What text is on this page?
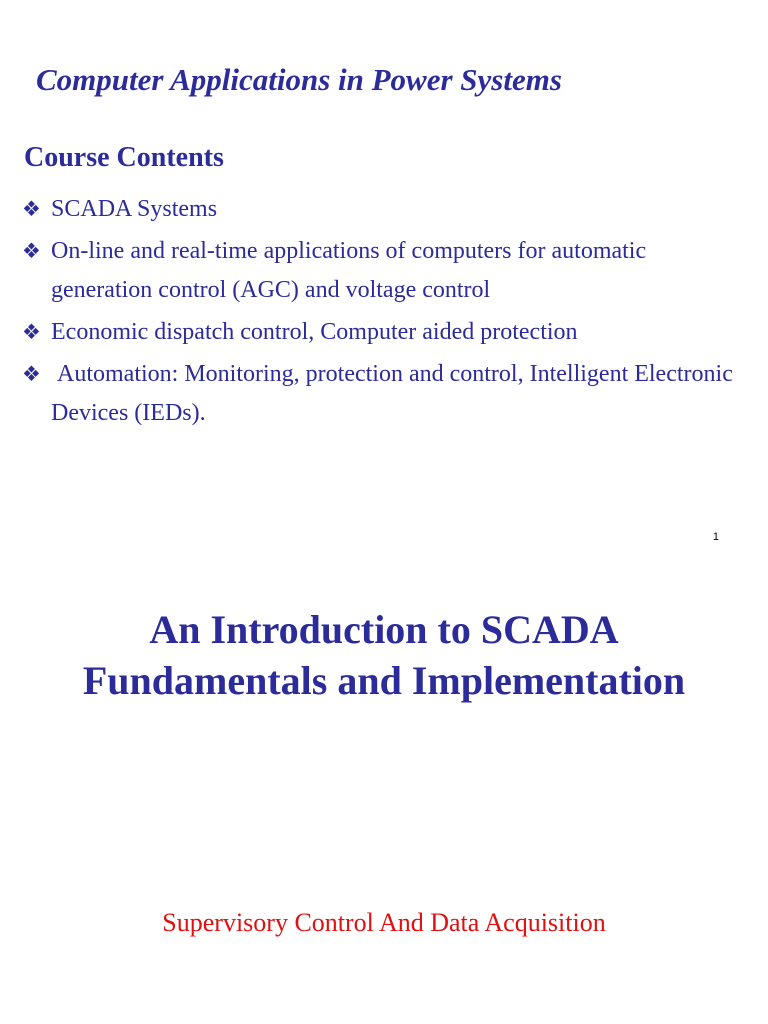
Computer Applications in Power Systems
Course Contents
❖ SCADA Systems
❖ On-line and real-time applications of computers for automatic generation control (AGC) and voltage control
❖ Economic dispatch control, Computer aided protection
❖ Automation: Monitoring, protection and control, Intelligent Electronic Devices (IEDs).
1
An Introduction to SCADA
Fundamentals and Implementation
Supervisory Control And Data Acquisition
